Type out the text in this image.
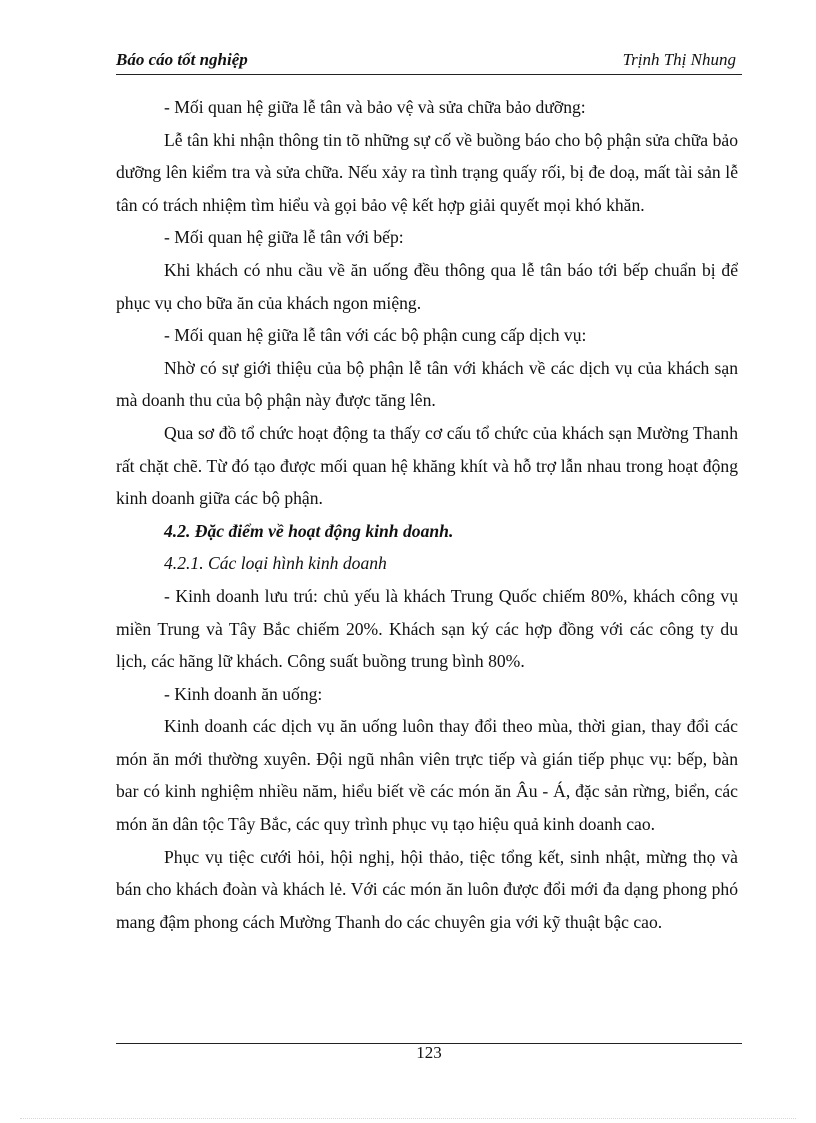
Báo cáo tốt nghiệp	Trịnh Thị Nhung

- Mối quan hệ giữa lễ tân và bảo vệ và sửa chữa bảo dưỡng:

Lễ tân khi nhận thông tin tõ những sự cố về buồng báo cho bộ phận sửa chữa bảo dưỡng lên kiểm tra và sửa chữa. Nếu xảy ra tình trạng quấy rối, bị đe doạ, mất tài sản lễ tân có trách nhiệm tìm hiểu và gọi bảo vệ kết hợp giải quyết mọi khó khăn.

- Mối quan hệ giữa lễ tân với bếp:

Khi khách có nhu cầu về ăn uống đều thông qua lễ tân báo tới bếp chuẩn bị để phục vụ cho bữa ăn của khách ngon miệng.

- Mối quan hệ giữa lễ tân với các bộ phận cung cấp dịch vụ:

Nhờ có sự giới thiệu của bộ phận lễ tân với khách về các dịch vụ của khách sạn mà doanh thu của bộ phận này được tăng lên.

Qua sơ đồ tổ chức hoạt động ta thấy cơ cấu tổ chức của khách sạn Mường Thanh rất chặt chẽ. Từ đó tạo được mối quan hệ khăng khít và hỗ trợ lẫn nhau trong hoạt động kinh doanh giữa các bộ phận.

4.2. Đặc điểm về hoạt động kinh doanh.

4.2.1. Các loại hình kinh doanh

- Kinh doanh lưu trú: chủ yếu là khách Trung Quốc chiếm 80%, khách công vụ miền Trung và Tây Bắc chiếm 20%. Khách sạn ký các hợp đồng với các công ty du lịch, các hãng lữ khách. Công suất buồng trung bình 80%.

- Kinh doanh ăn uống:

Kinh doanh các dịch vụ ăn uống luôn thay đổi theo mùa, thời gian, thay đổi các món ăn mới thường xuyên. Đội ngũ nhân viên trực tiếp và gián tiếp phục vụ: bếp, bàn bar có kinh nghiệm nhiều năm, hiểu biết về các món ăn Âu - Á, đặc sản rừng, biển, các món ăn dân tộc Tây Bắc, các quy trình phục vụ tạo hiệu quả kinh doanh cao.

Phục vụ tiệc cưới hỏi, hội nghị, hội thảo, tiệc tổng kết, sinh nhật, mừng thọ và bán cho khách đoàn và khách lẻ. Với các món ăn luôn được đổi mới đa dạng phong phó mang đậm phong cách Mường Thanh do các chuyên gia với kỹ thuật bậc cao.

123
